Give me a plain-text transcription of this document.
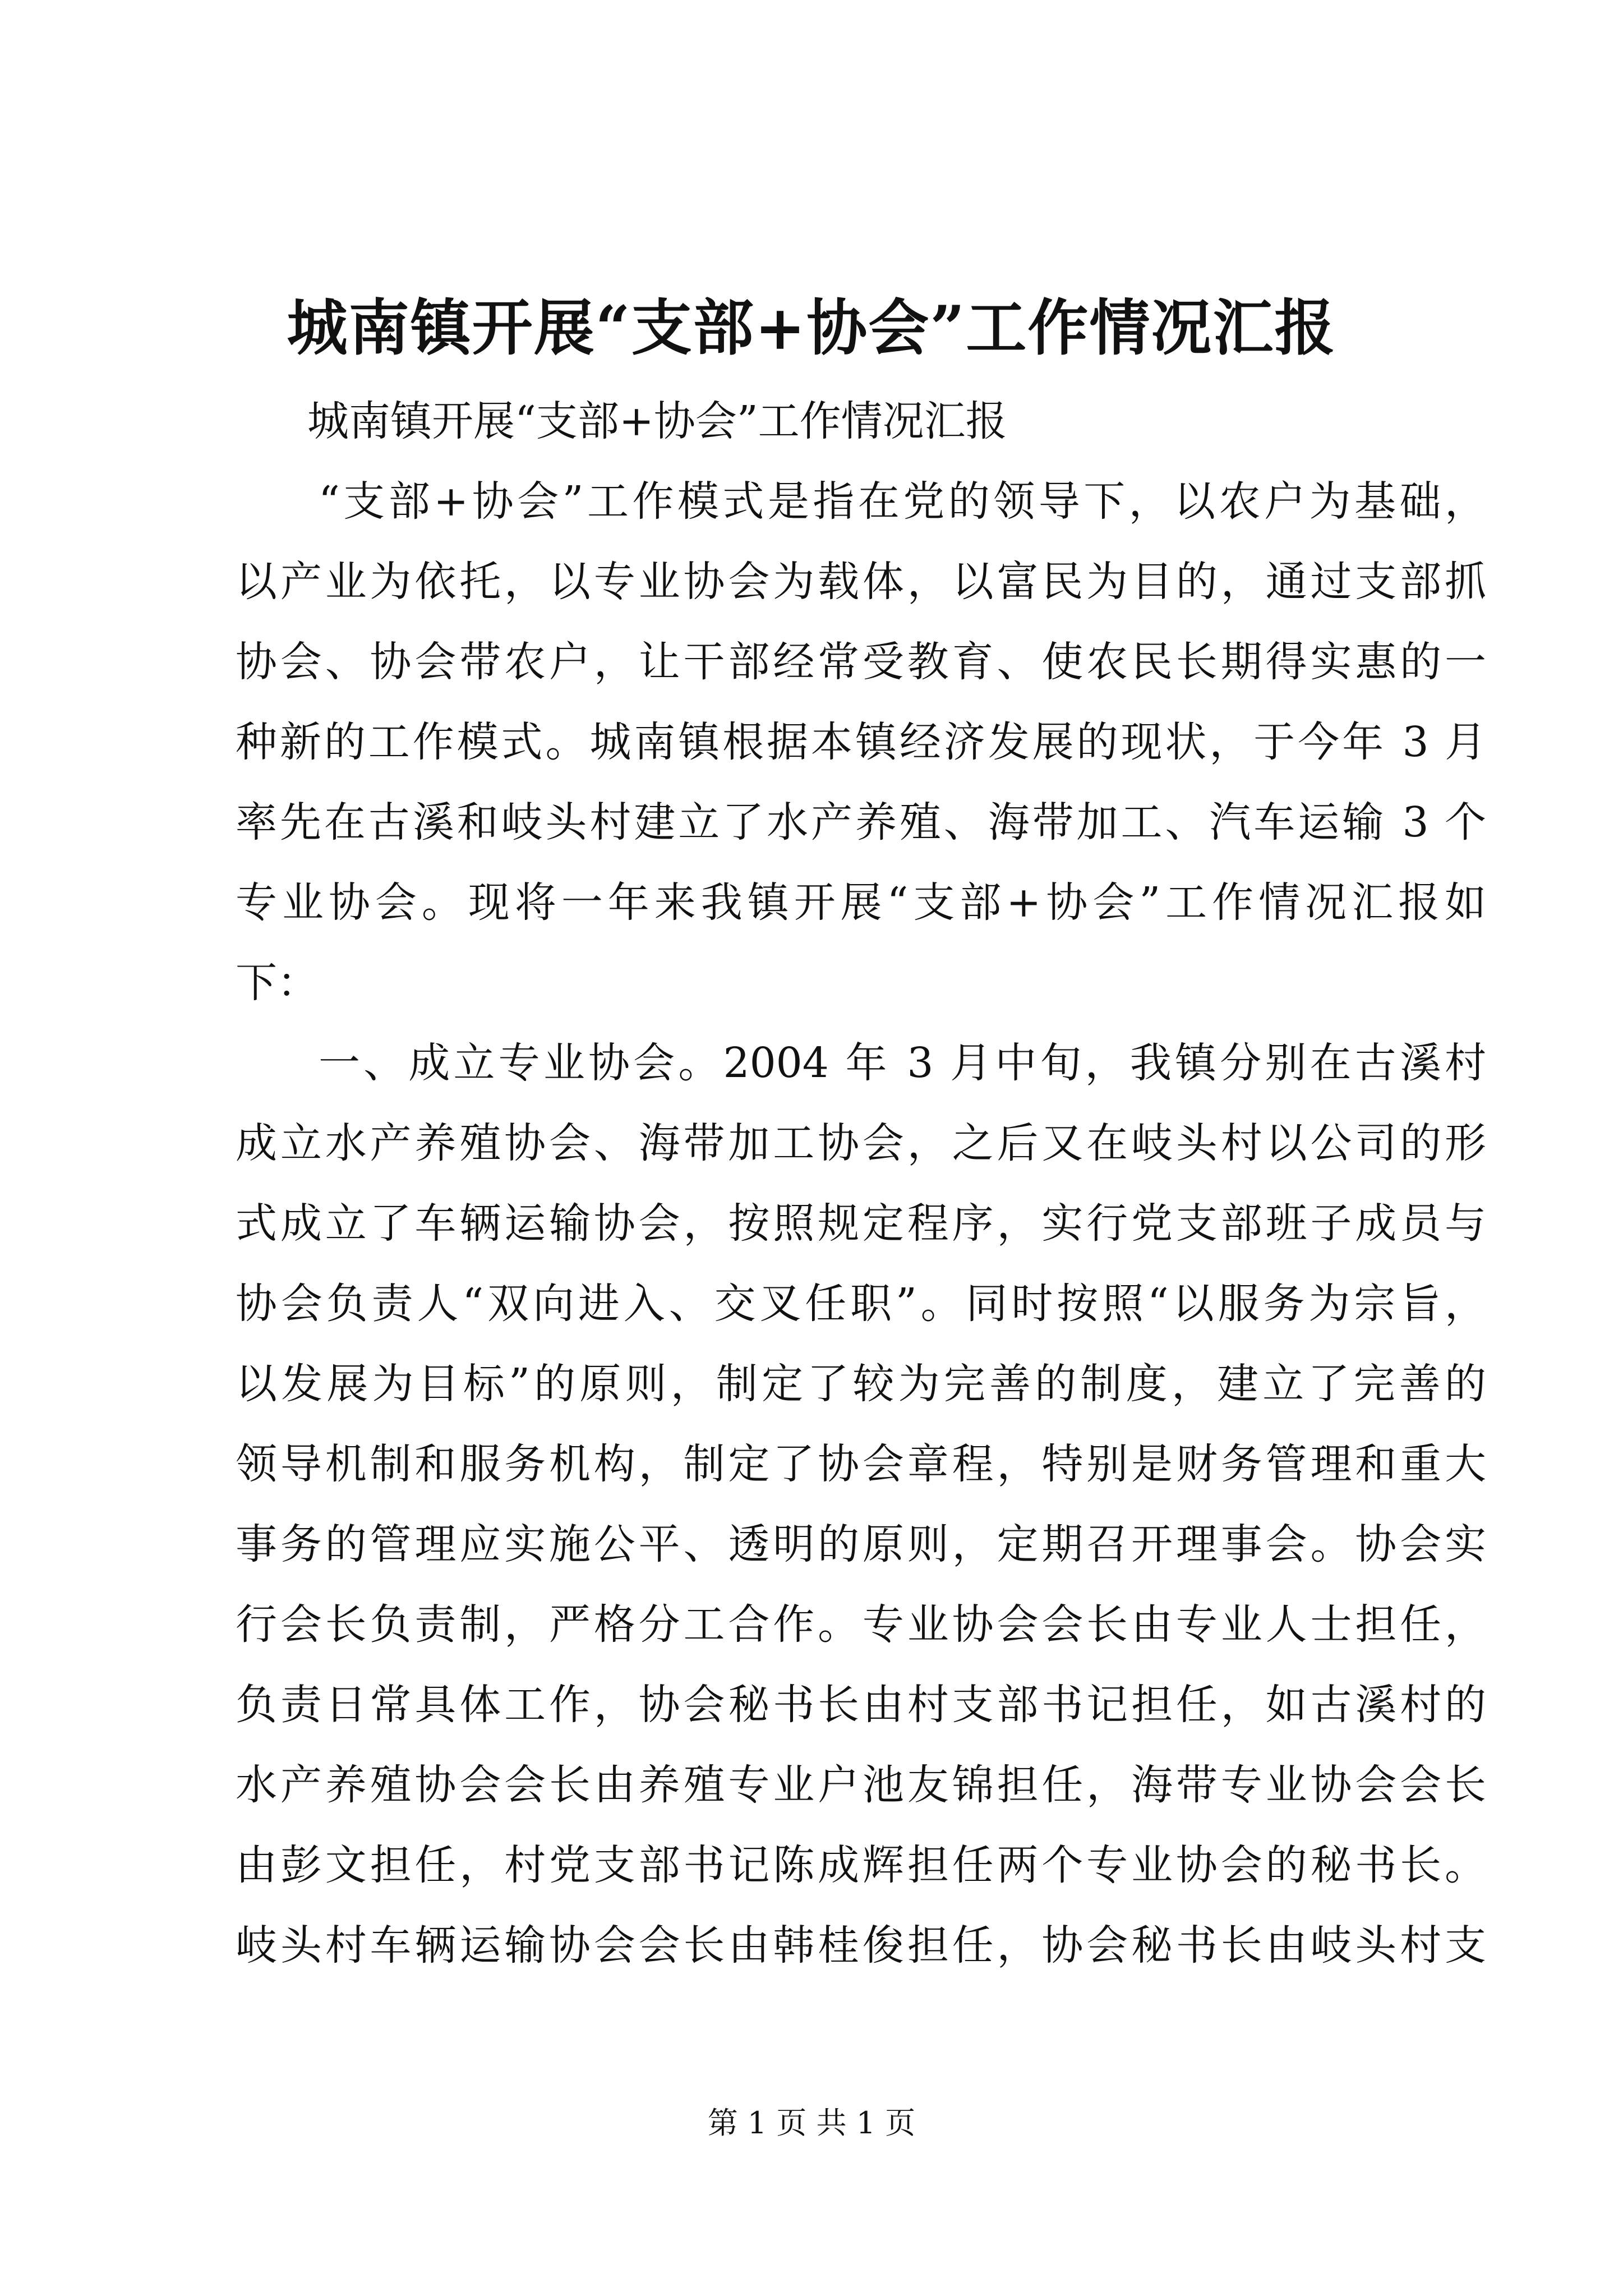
城南镇开展“支部+协会”工作情况汇报
城南镇开展“支部+协会”工作情况汇报
“支部+协会”工作模式是指在党的领导下，以农户为基础，
以产业为依托，以专业协会为载体，以富民为目的，通过支部抓
协会、协会带农户，让干部经常受教育、使农民长期得实惠的一
种新的工作模式。城南镇根据本镇经济发展的现状，于今年 3 月
率先在古溪和岐头村建立了水产养殖、海带加工、汽车运输 3 个
专业协会。现将一年来我镇开展“支部+协会”工作情况汇报如
下：
一、成立专业协会。2004 年 3 月中旬，我镇分别在古溪村
成立水产养殖协会、海带加工协会，之后又在岐头村以公司的形
式成立了车辆运输协会，按照规定程序，实行党支部班子成员与
协会负责人“双向进入、交叉任职”。同时按照“以服务为宗旨，
以发展为目标”的原则，制定了较为完善的制度，建立了完善的
领导机制和服务机构，制定了协会章程，特别是财务管理和重大
事务的管理应实施公平、透明的原则，定期召开理事会。协会实
行会长负责制，严格分工合作。专业协会会长由专业人士担任，
负责日常具体工作，协会秘书长由村支部书记担任，如古溪村的
水产养殖协会会长由养殖专业户池友锦担任，海带专业协会会长
由彭文担任，村党支部书记陈成辉担任两个专业协会的秘书长。
岐头村车辆运输协会会长由韩桂俊担任，协会秘书长由岐头村支
第 1 页 共 1 页
